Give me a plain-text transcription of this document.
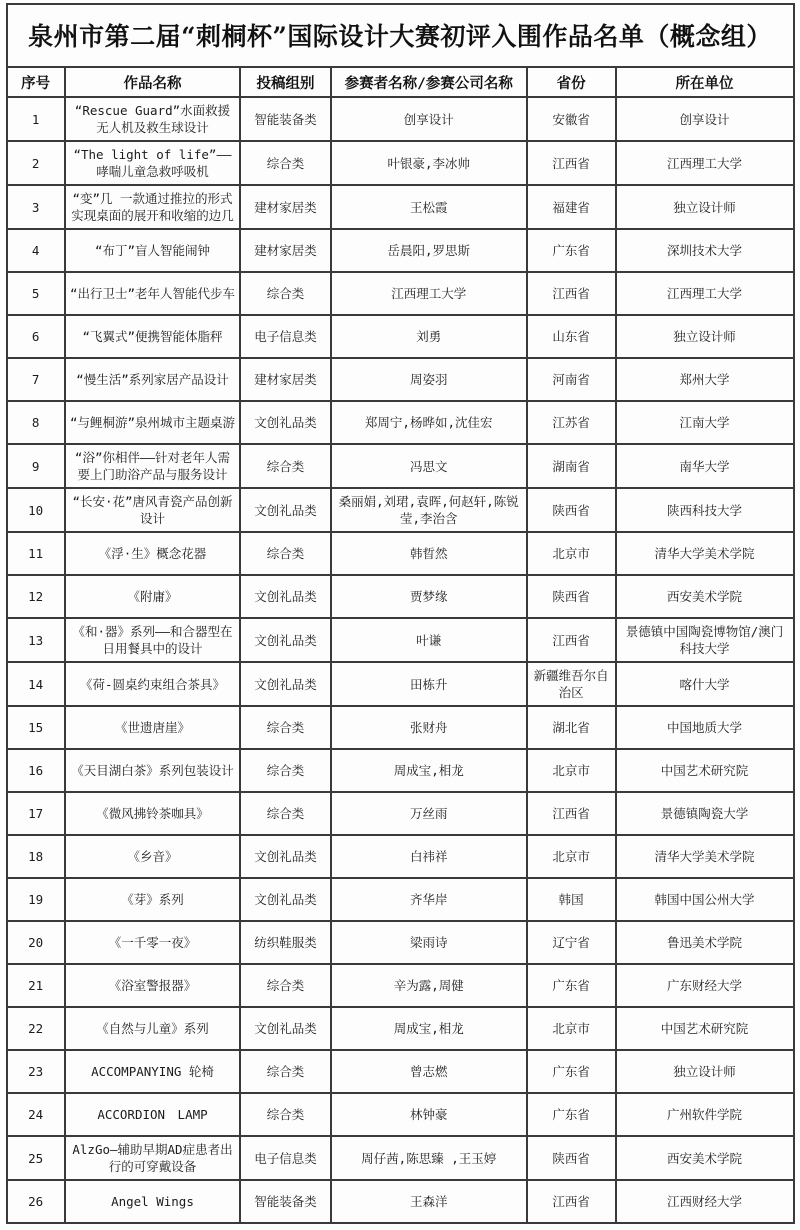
泉州市第二届“刺桐杯”国际设计大赛初评入围作品名单（概念组）
序号	作品名称	投稿组别	参赛者名称/参赛公司名称	省份	所在单位
1	“Rescue Guard”水面救援无人机及救生球设计	智能装备类	创享设计	安徽省	创享设计
2	“The light of life”——哮喘儿童急救呼吸机	综合类	叶银豪,李冰帅	江西省	江西理工大学
3	“变”几 一款通过推拉的形式实现桌面的展开和收缩的边几	建材家居类	王松霞	福建省	独立设计师
4	“布丁”盲人智能闹钟	建材家居类	岳晨阳,罗思斯	广东省	深圳技术大学
5	“出行卫士”老年人智能代步车	综合类	江西理工大学	江西省	江西理工大学
6	“飞翼式”便携智能体脂秤	电子信息类	刘勇	山东省	独立设计师
7	“慢生活”系列家居产品设计	建材家居类	周姿羽	河南省	郑州大学
8	“与鲤桐游”泉州城市主题桌游	文创礼品类	郑周宁,杨晔如,沈佳宏	江苏省	江南大学
9	“浴”你相伴——针对老年人需要上门助浴产品与服务设计	综合类	冯思文	湖南省	南华大学
10	“长安·花”唐风青瓷产品创新设计	文创礼品类	桑丽娟,刘珺,袁晖,何赵轩,陈锐莹,李治含	陕西省	陕西科技大学
11	《浮·生》概念花器	综合类	韩晢然	北京市	清华大学美术学院
12	《附庸》	文创礼品类	贾梦缘	陕西省	西安美术学院
13	《和·器》系列——和合器型在日用餐具中的设计	文创礼品类	叶谦	江西省	景德镇中国陶瓷博物馆/澳门科技大学
14	《荷-圆桌约束组合茶具》	文创礼品类	田栋升	新疆维吾尔自治区	喀什大学
15	《世遗唐崖》	综合类	张财舟	湖北省	中国地质大学
16	《天目湖白茶》系列包装设计	综合类	周成宝,相龙	北京市	中国艺术研究院
17	《微风拂铃茶咖具》	综合类	万丝雨	江西省	景德镇陶瓷大学
18	《乡音》	文创礼品类	白祎祥	北京市	清华大学美术学院
19	《芽》系列	文创礼品类	齐华岸	韩国	韩国中国公州大学
20	《一千零一夜》	纺织鞋服类	梁雨诗	辽宁省	鲁迅美术学院
21	《浴室警报器》	综合类	辛为露,周健	广东省	广东财经大学
22	《自然与儿童》系列	文创礼品类	周成宝,相龙	北京市	中国艺术研究院
23	ACCOMPANYING 轮椅	综合类	曾志燃	广东省	独立设计师
24	ACCORDION　LAMP	综合类	林钟豪	广东省	广州软件学院
25	AlzGo—辅助早期AD症患者出行的可穿戴设备	电子信息类	周仔茜,陈思臻 ,王玉婷	陕西省	西安美术学院
26	Angel Wings	智能装备类	王森洋	江西省	江西财经大学
